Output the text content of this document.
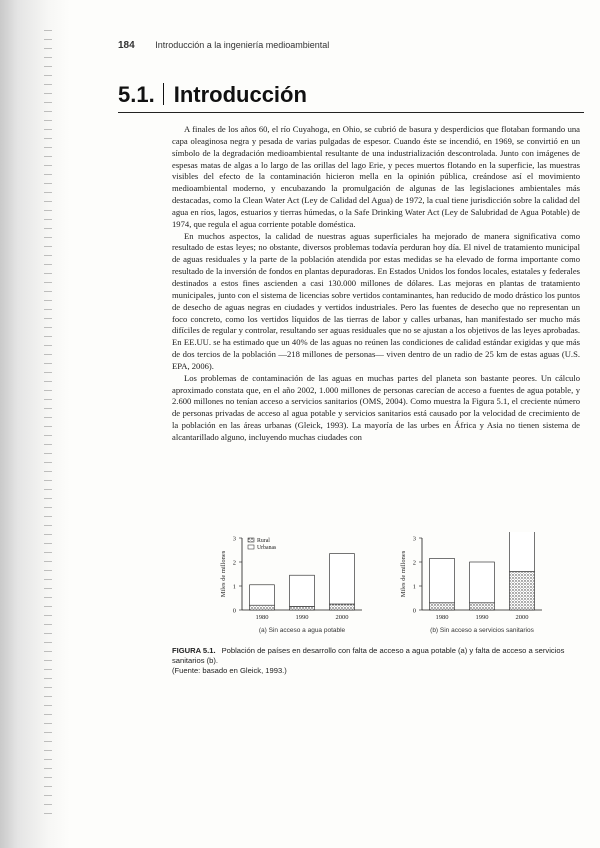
184 Introducción a la ingeniería medioambiental
5.1. Introducción

A finales de los años 60, el río Cuyahoga, en Ohio, se cubrió de basura y desperdicios que flotaban formando una capa oleaginosa negra y pesada de varias pulgadas de espesor. Cuando éste se incendió, en 1969, se convirtió en un símbolo de la degradación medioambiental resultante de una industrialización descontrolada. Junto con imágenes de espesas matas de algas a lo largo de las orillas del lago Erie, y peces muertos flotando en la superficie, las muestras visibles del efecto de la contaminación hicieron mella en la opinión pública, creándose así el movimiento medioambiental moderno, y encubazando la promulgación de algunas de las legislaciones ambientales más destacadas, como la Clean Water Act (Ley de Calidad del Agua) de 1972, la cual tiene jurisdicción sobre la calidad del agua en ríos, lagos, estuarios y tierras húmedas, o la Safe Drinking Water Act (Ley de Salubridad de Agua Potable) de 1974, que regula el agua corriente potable doméstica.

En muchos aspectos, la calidad de nuestras aguas superficiales ha mejorado de manera significativa como resultado de estas leyes; no obstante, diversos problemas todavía perduran hoy día. El nivel de tratamiento municipal de aguas residuales y la parte de la población atendida por estas medidas se ha elevado de forma importante como resultado de la inversión de fondos en plantas depuradoras. En Estados Unidos los fondos locales, estatales y federales destinados a estos fines ascienden a casi 130.000 millones de dólares. Las mejoras en plantas de tratamiento municipales, junto con el sistema de licencias sobre vertidos contaminantes, han reducido de modo drástico los puntos de desecho de aguas negras en ciudades y vertidos industriales. Pero las fuentes de desecho que no representan un foco concreto, como los vertidos líquidos de las tierras de labor y calles urbanas, han manifestado ser mucho más difíciles de regular y controlar, resultando ser aguas residuales que no se ajustan a los objetivos de las leyes aprobadas. En EE.UU. se ha estimado que un 40% de las aguas no reúnen las condiciones de calidad estándar exigidas y que más de dos tercios de la población —218 millones de personas— viven dentro de un radio de 25 km de estas aguas (U.S. EPA, 2006).

Los problemas de contaminación de las aguas en muchas partes del planeta son bastante peores. Un cálculo aproximado constata que, en el año 2002, 1.000 millones de personas carecían de acceso a fuentes de agua potable, y 2.600 millones no tenían acceso a servicios sanitarios (OMS, 2004). Como muestra la Figura 5.1, el creciente número de personas privadas de acceso al agua potable y servicios sanitarios está causado por la velocidad de crecimiento de la población en las áreas urbanas (Gleick, 1993). La mayoría de las urbes en África y Asia no tienen sistema de alcantarillado alguno, incluyendo muchas ciudades con

0
1
2
3
Miles de millones
1980	1990	2000
Rural
Urbanas
(a) Sin acceso a agua potable
0
1
2
3
Miles de millones
1980	1990	2000
(b) Sin acceso a servicios sanitarios
FIGURA 5.1. Población de países en desarrollo con falta de acceso a agua potable (a) y falta de acceso a servicios sanitarios (b).
(Fuente: basado en Gleick, 1993.)
